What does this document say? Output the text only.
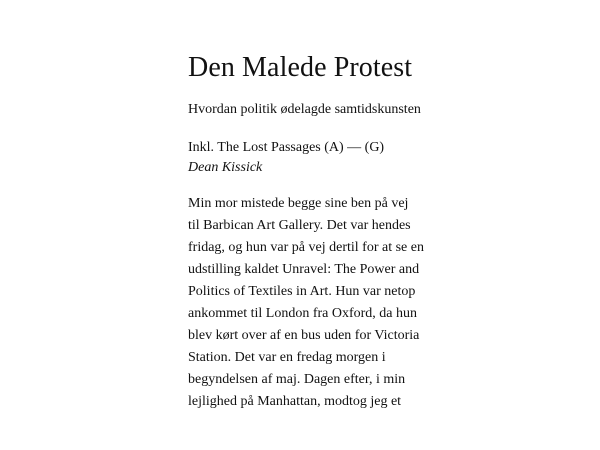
Den Malede Protest

Hvordan politik ødelagde samtidskunsten

Inkl. The Lost Passages (A) — (G)

Dean Kissick

Min mor mistede begge sine ben på vej
til Barbican Art Gallery. Det var hendes
fridag, og hun var på vej dertil for at se en
udstilling kaldet Unravel: The Power and
Politics of Textiles in Art. Hun var netop
ankommet til London fra Oxford, da hun
blev kørt over af en bus uden for Victoria
Station. Det var en fredag morgen i
begyndelsen af maj. Dagen efter, i min
lejlighed på Manhattan, modtog jeg et
